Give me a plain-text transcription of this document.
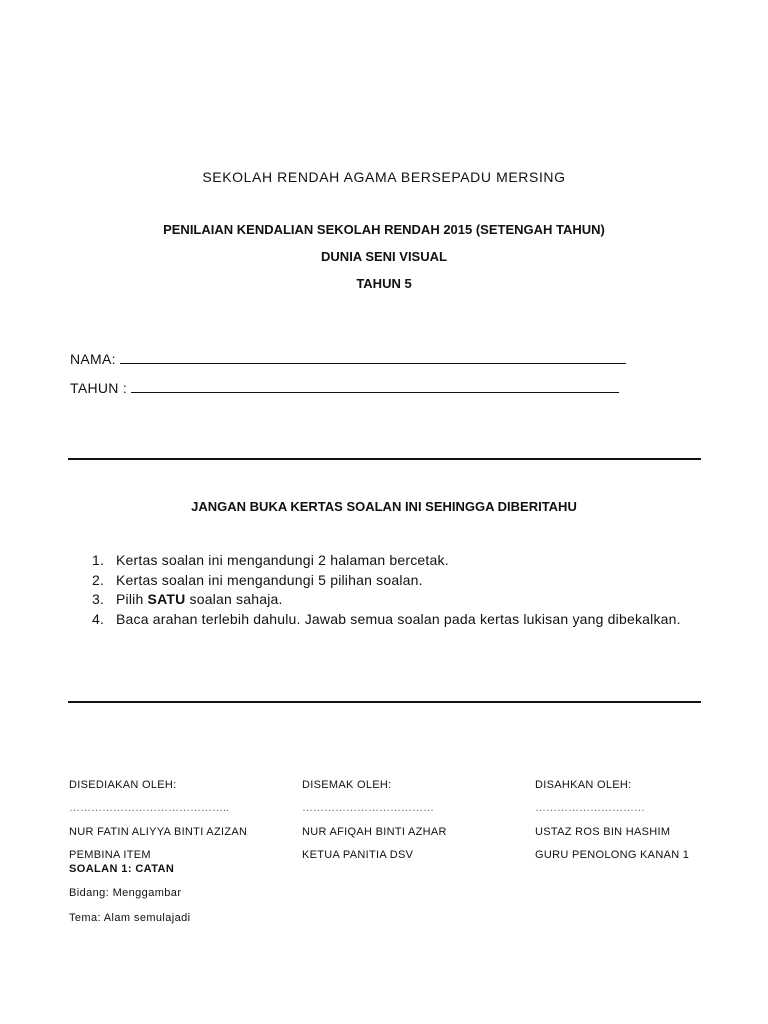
SEKOLAH RENDAH AGAMA BERSEPADU MERSING
PENILAIAN KENDALIAN SEKOLAH RENDAH 2015 (SETENGAH TAHUN)
DUNIA SENI VISUAL
TAHUN 5
NAMA:
TAHUN :
JANGAN BUKA KERTAS SOALAN INI SEHINGGA DIBERITAHU
1. Kertas soalan ini mengandungi 2 halaman bercetak.
2. Kertas soalan ini mengandungi 5 pilihan soalan.
3. Pilih SATU soalan sahaja.
4. Baca arahan terlebih dahulu. Jawab semua soalan pada kertas lukisan yang dibekalkan.
DISEDIAKAN OLEH:
……………………………………..
NUR FATIN ALIYYA BINTI AZIZAN
PEMBINA ITEM
DISEMAK OLEH:
………………………………
NUR AFIQAH BINTI AZHAR
KETUA PANITIA DSV
DISAHKAN OLEH:
…………………………
USTAZ ROS BIN HASHIM
GURU PENOLONG KANAN 1
SOALAN 1: CATAN
Bidang: Menggambar
Tema: Alam semulajadi
